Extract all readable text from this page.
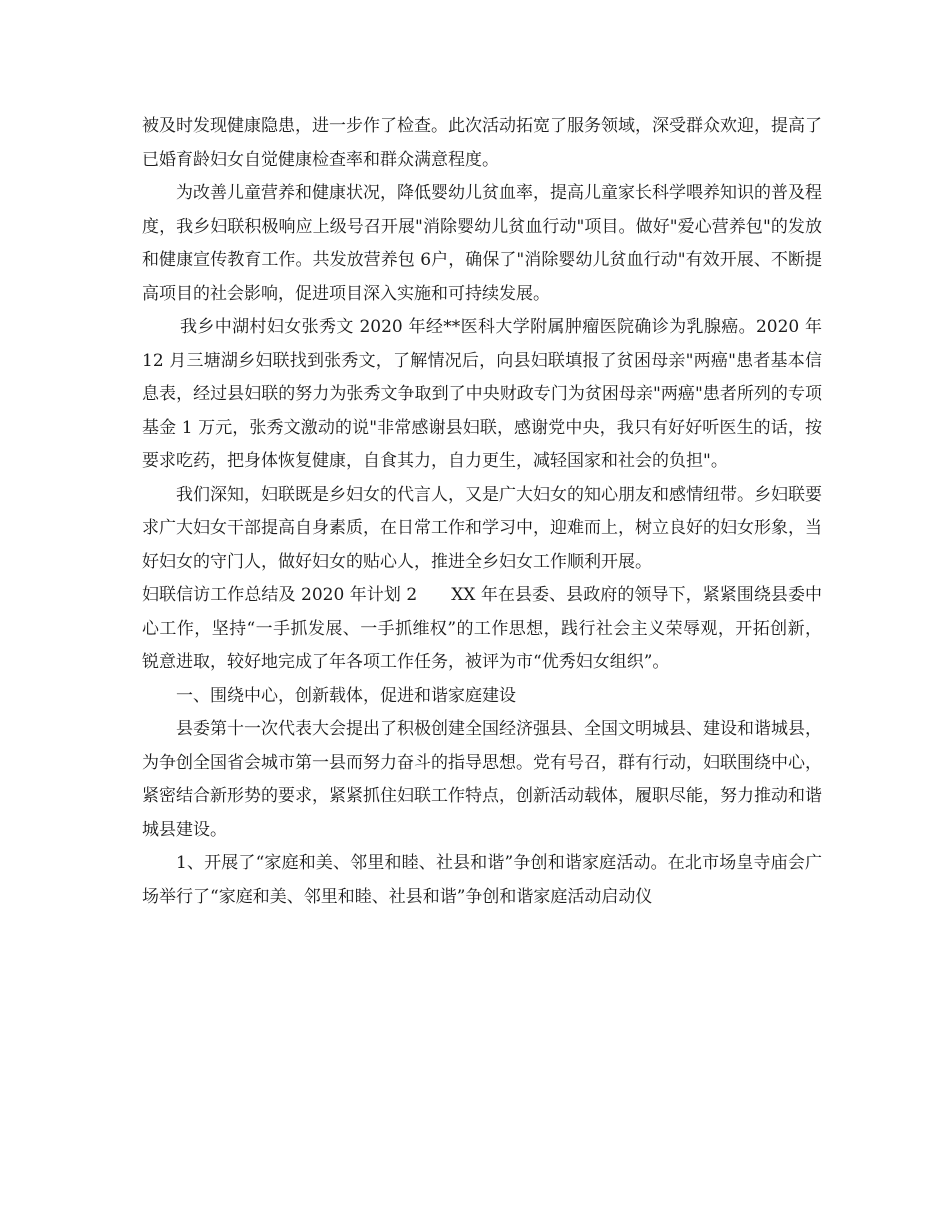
被及时发现健康隐患，进一步作了检查。此次活动拓宽了服务领域，深受群众欢迎，提高了已婚育龄妇女自觉健康检查率和群众满意程度。

为改善儿童营养和健康状况，降低婴幼儿贫血率，提高儿童家长科学喂养知识的普及程度，我乡妇联积极响应上级号召开展"消除婴幼儿贫血行动"项目。做好"爱心营养包"的发放和健康宣传教育工作。共发放营养包 6户，确保了"消除婴幼儿贫血行动"有效开展、不断提高项目的社会影响，促进项目深入实施和可持续发展。

我乡中湖村妇女张秀文 2020 年经**医科大学附属肿瘤医院确诊为乳腺癌。2020 年 12 月三塘湖乡妇联找到张秀文，了解情况后，向县妇联填报了贫困母亲"两癌"患者基本信息表，经过县妇联的努力为张秀文争取到了中央财政专门为贫困母亲"两癌"患者所列的专项基金 1 万元，张秀文激动的说"非常感谢县妇联，感谢党中央，我只有好好听医生的话，按要求吃药，把身体恢复健康，自食其力，自力更生，减轻国家和社会的负担"。

我们深知，妇联既是乡妇女的代言人，又是广大妇女的知心朋友和感情纽带。乡妇联要求广大妇女干部提高自身素质，在日常工作和学习中，迎难而上，树立良好的妇女形象，当好妇女的守门人，做好妇女的贴心人，推进全乡妇女工作顺利开展。

妇联信访工作总结及 2020 年计划 2 XX 年在县委、县政府的领导下，紧紧围绕县委中心工作，坚持“一手抓发展、一手抓维权”的工作思想，践行社会主义荣辱观，开拓创新，锐意进取，较好地完成了年各项工作任务，被评为市“优秀妇女组织”。

一、围绕中心，创新载体，促进和谐家庭建设

县委第十一次代表大会提出了积极创建全国经济强县、全国文明城县、建设和谐城县，为争创全国省会城市第一县而努力奋斗的指导思想。党有号召，群有行动，妇联围绕中心，紧密结合新形势的要求，紧紧抓住妇联工作特点，创新活动载体，履职尽能，努力推动和谐城县建设。

1、开展了“家庭和美、邻里和睦、社县和谐”争创和谐家庭活动。在北市场皇寺庙会广场举行了“家庭和美、邻里和睦、社县和谐”争创和谐家庭活动启动仪
